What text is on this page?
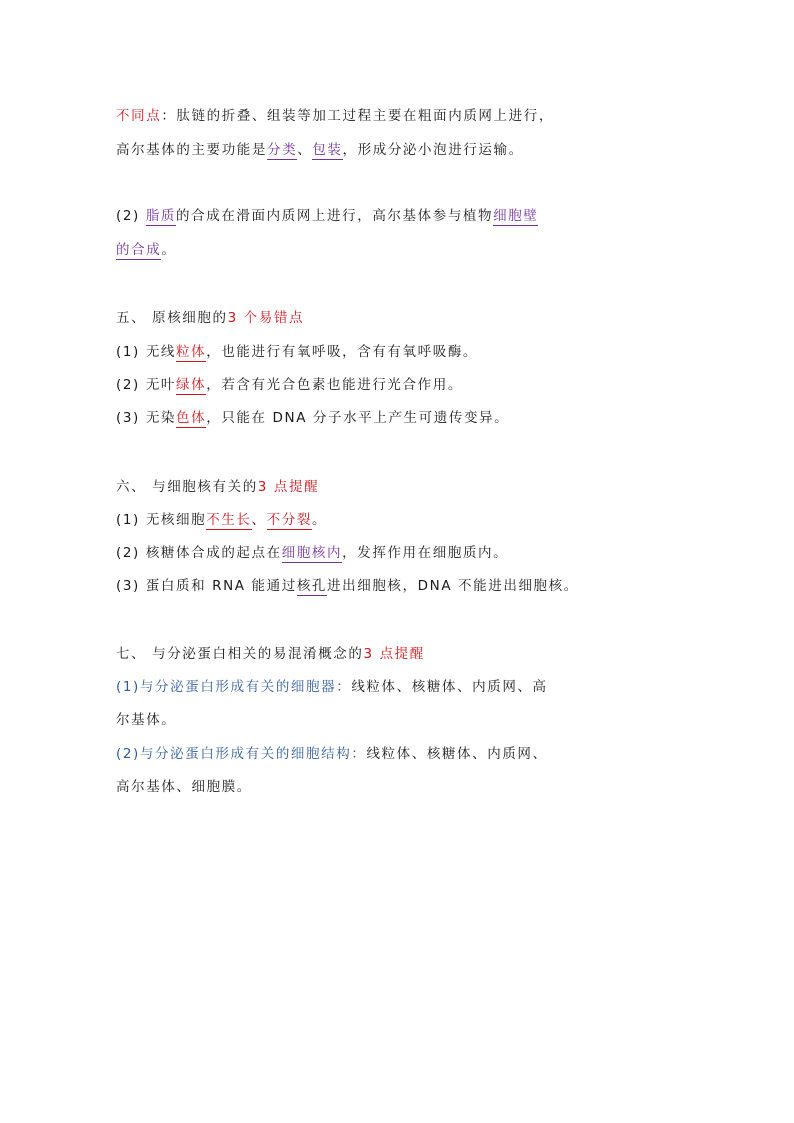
不同点：肽链的折叠、组装等加工过程主要在粗面内质网上进行，
高尔基体的主要功能是分类、包装，形成分泌小泡进行运输。
(2) 脂质的合成在滑面内质网上进行，高尔基体参与植物细胞壁
的合成。
五、 原核细胞的3 个易错点
(1) 无线粒体，也能进行有氧呼吸，含有有氧呼吸酶。
(2) 无叶绿体，若含有光合色素也能进行光合作用。
(3) 无染色体，只能在 DNA 分子水平上产生可遗传变异。
六、 与细胞核有关的3 点提醒
(1) 无核细胞不生长、不分裂。
(2) 核糖体合成的起点在细胞核内，发挥作用在细胞质内。
(3) 蛋白质和 RNA 能通过核孔进出细胞核，DNA 不能进出细胞核。
七、 与分泌蛋白相关的易混淆概念的3 点提醒
(1)与分泌蛋白形成有关的细胞器：线粒体、核糖体、内质网、高
尔基体。
(2)与分泌蛋白形成有关的细胞结构：线粒体、核糖体、内质网、
高尔基体、细胞膜。
